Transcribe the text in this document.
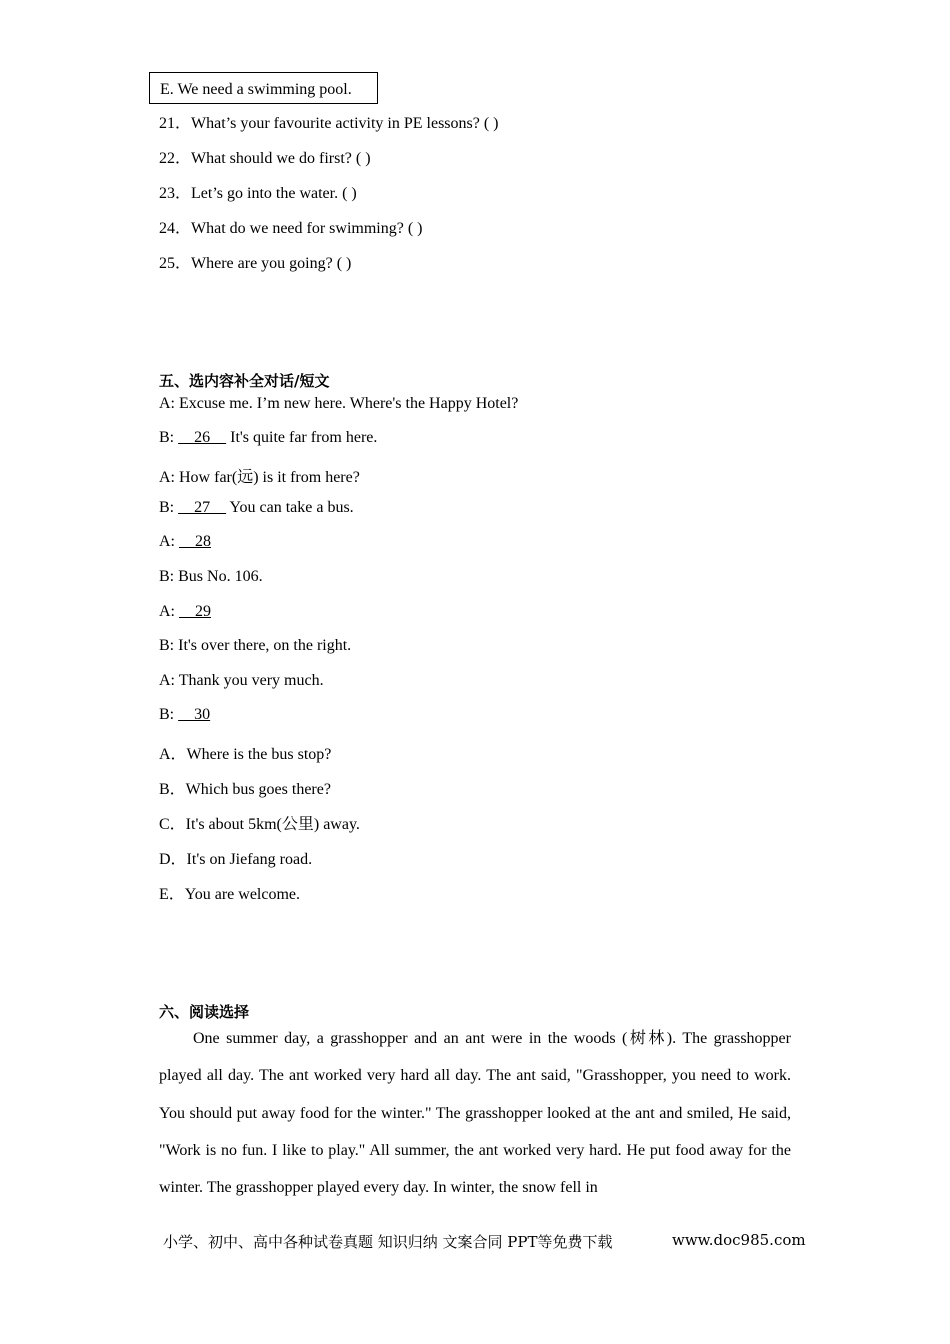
E. We need a swimming pool.
21．What’s your favourite activity in PE lessons? ( )
22．What should we do first? ( )
23．Let’s go into the water. ( )
24．What do we need for swimming? ( )
25．Where are you going? ( )
五、选内容补全对话/短文
A: Excuse me. I’m new here. Where's the Happy Hotel?
B:     26     It's quite far from here.
A: How far(远) is it from here?
B:     27     You can take a bus.
A:     28
B: Bus No. 106.
A:     29
B: It's over there, on the right.
A: Thank you very much.
B:     30
A．Where is the bus stop?
B．Which bus goes there?
C．It's about 5km(公里) away.
D．It's on Jiefang road.
E．You are welcome.
六、阅读选择

One summer day, a grasshopper and an ant were in the woods (树林). The grasshopper played all day. The ant worked very hard all day. The ant said, "Grasshopper, you need to work. You should put away food for the winter." The grasshopper looked at the ant and smiled, He said, "Work is no fun. I like to play." All summer, the ant worked very hard. He put food away for the winter. The grasshopper played every day. In winter, the snow fell in

小学、初中、高中各种试卷真题 知识归纳 文案合同 PPT等免费下载	www.doc985.com
